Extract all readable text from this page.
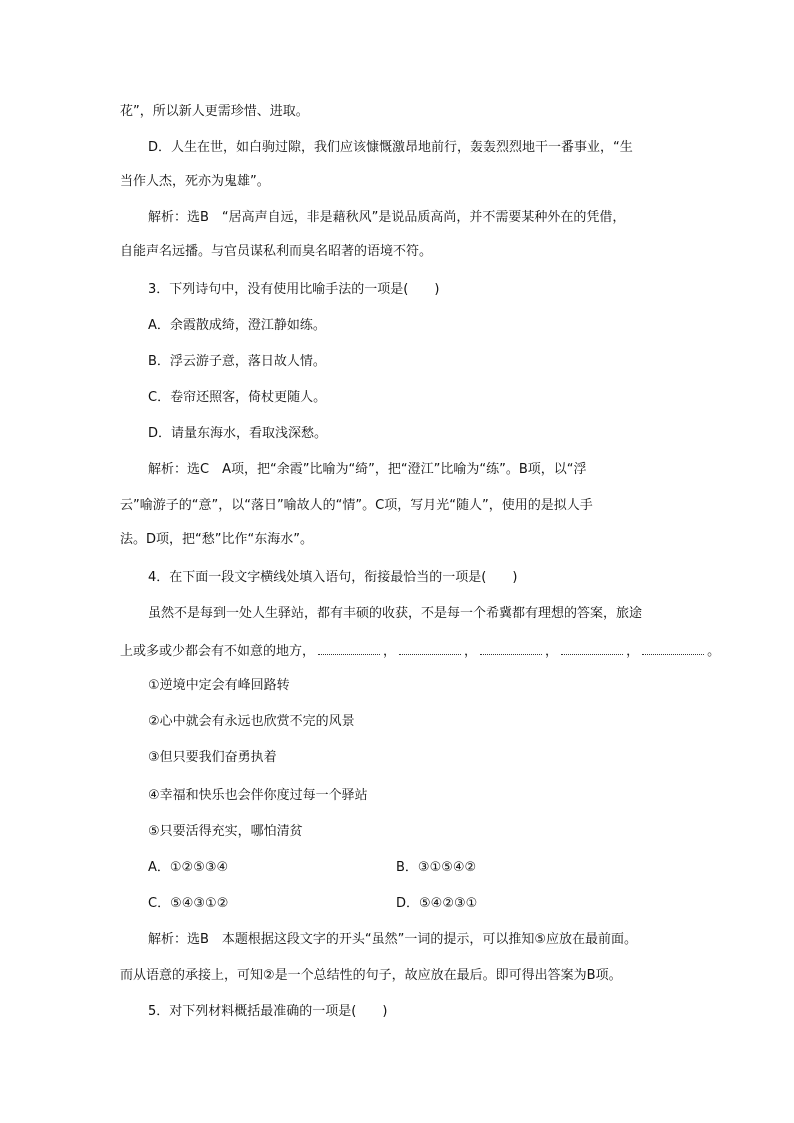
花”，所以新人更需珍惜、进取。
D．人生在世，如白驹过隙，我们应该慷慨激昂地前行，轰轰烈烈地干一番事业，“生
当作人杰，死亦为鬼雄”。
解析：选B　“居高声自远，非是藉秋风”是说品质高尚，并不需要某种外在的凭借，
自能声名远播。与官员谋私利而臭名昭著的语境不符。
3．下列诗句中，没有使用比喻手法的一项是(　　)
A．余霞散成绮，澄江静如练。
B．浮云游子意，落日故人情。
C．卷帘还照客，倚杖更随人。
D．请量东海水，看取浅深愁。
解析：选C　A项，把“余霞”比喻为“绮”，把“澄江”比喻为“练”。B项，以“浮
云”喻游子的“意”，以“落日”喻故人的“情”。C项，写月光“随人”，使用的是拟人手
法。D项，把“愁”比作“东海水”。
4．在下面一段文字横线处填入语句，衔接最恰当的一项是(　　)
虽然不是每到一处人生驿站，都有丰硕的收获，不是每一个希冀都有理想的答案，旅途
上或多或少都会有不如意的地方，	，	，	，	，	。
①逆境中定会有峰回路转
②心中就会有永远也欣赏不完的风景
③但只要我们奋勇执着
④幸福和快乐也会伴你度过每一个驿站
⑤只要活得充实，哪怕清贫
A．①②⑤③④	B．③①⑤④②
C．⑤④③①②	D．⑤④②③①
解析：选B　本题根据这段文字的开头“虽然”一词的提示，可以推知⑤应放在最前面。
而从语意的承接上，可知②是一个总结性的句子，故应放在最后。即可得出答案为B项。
5．对下列材料概括最准确的一项是(　　)
